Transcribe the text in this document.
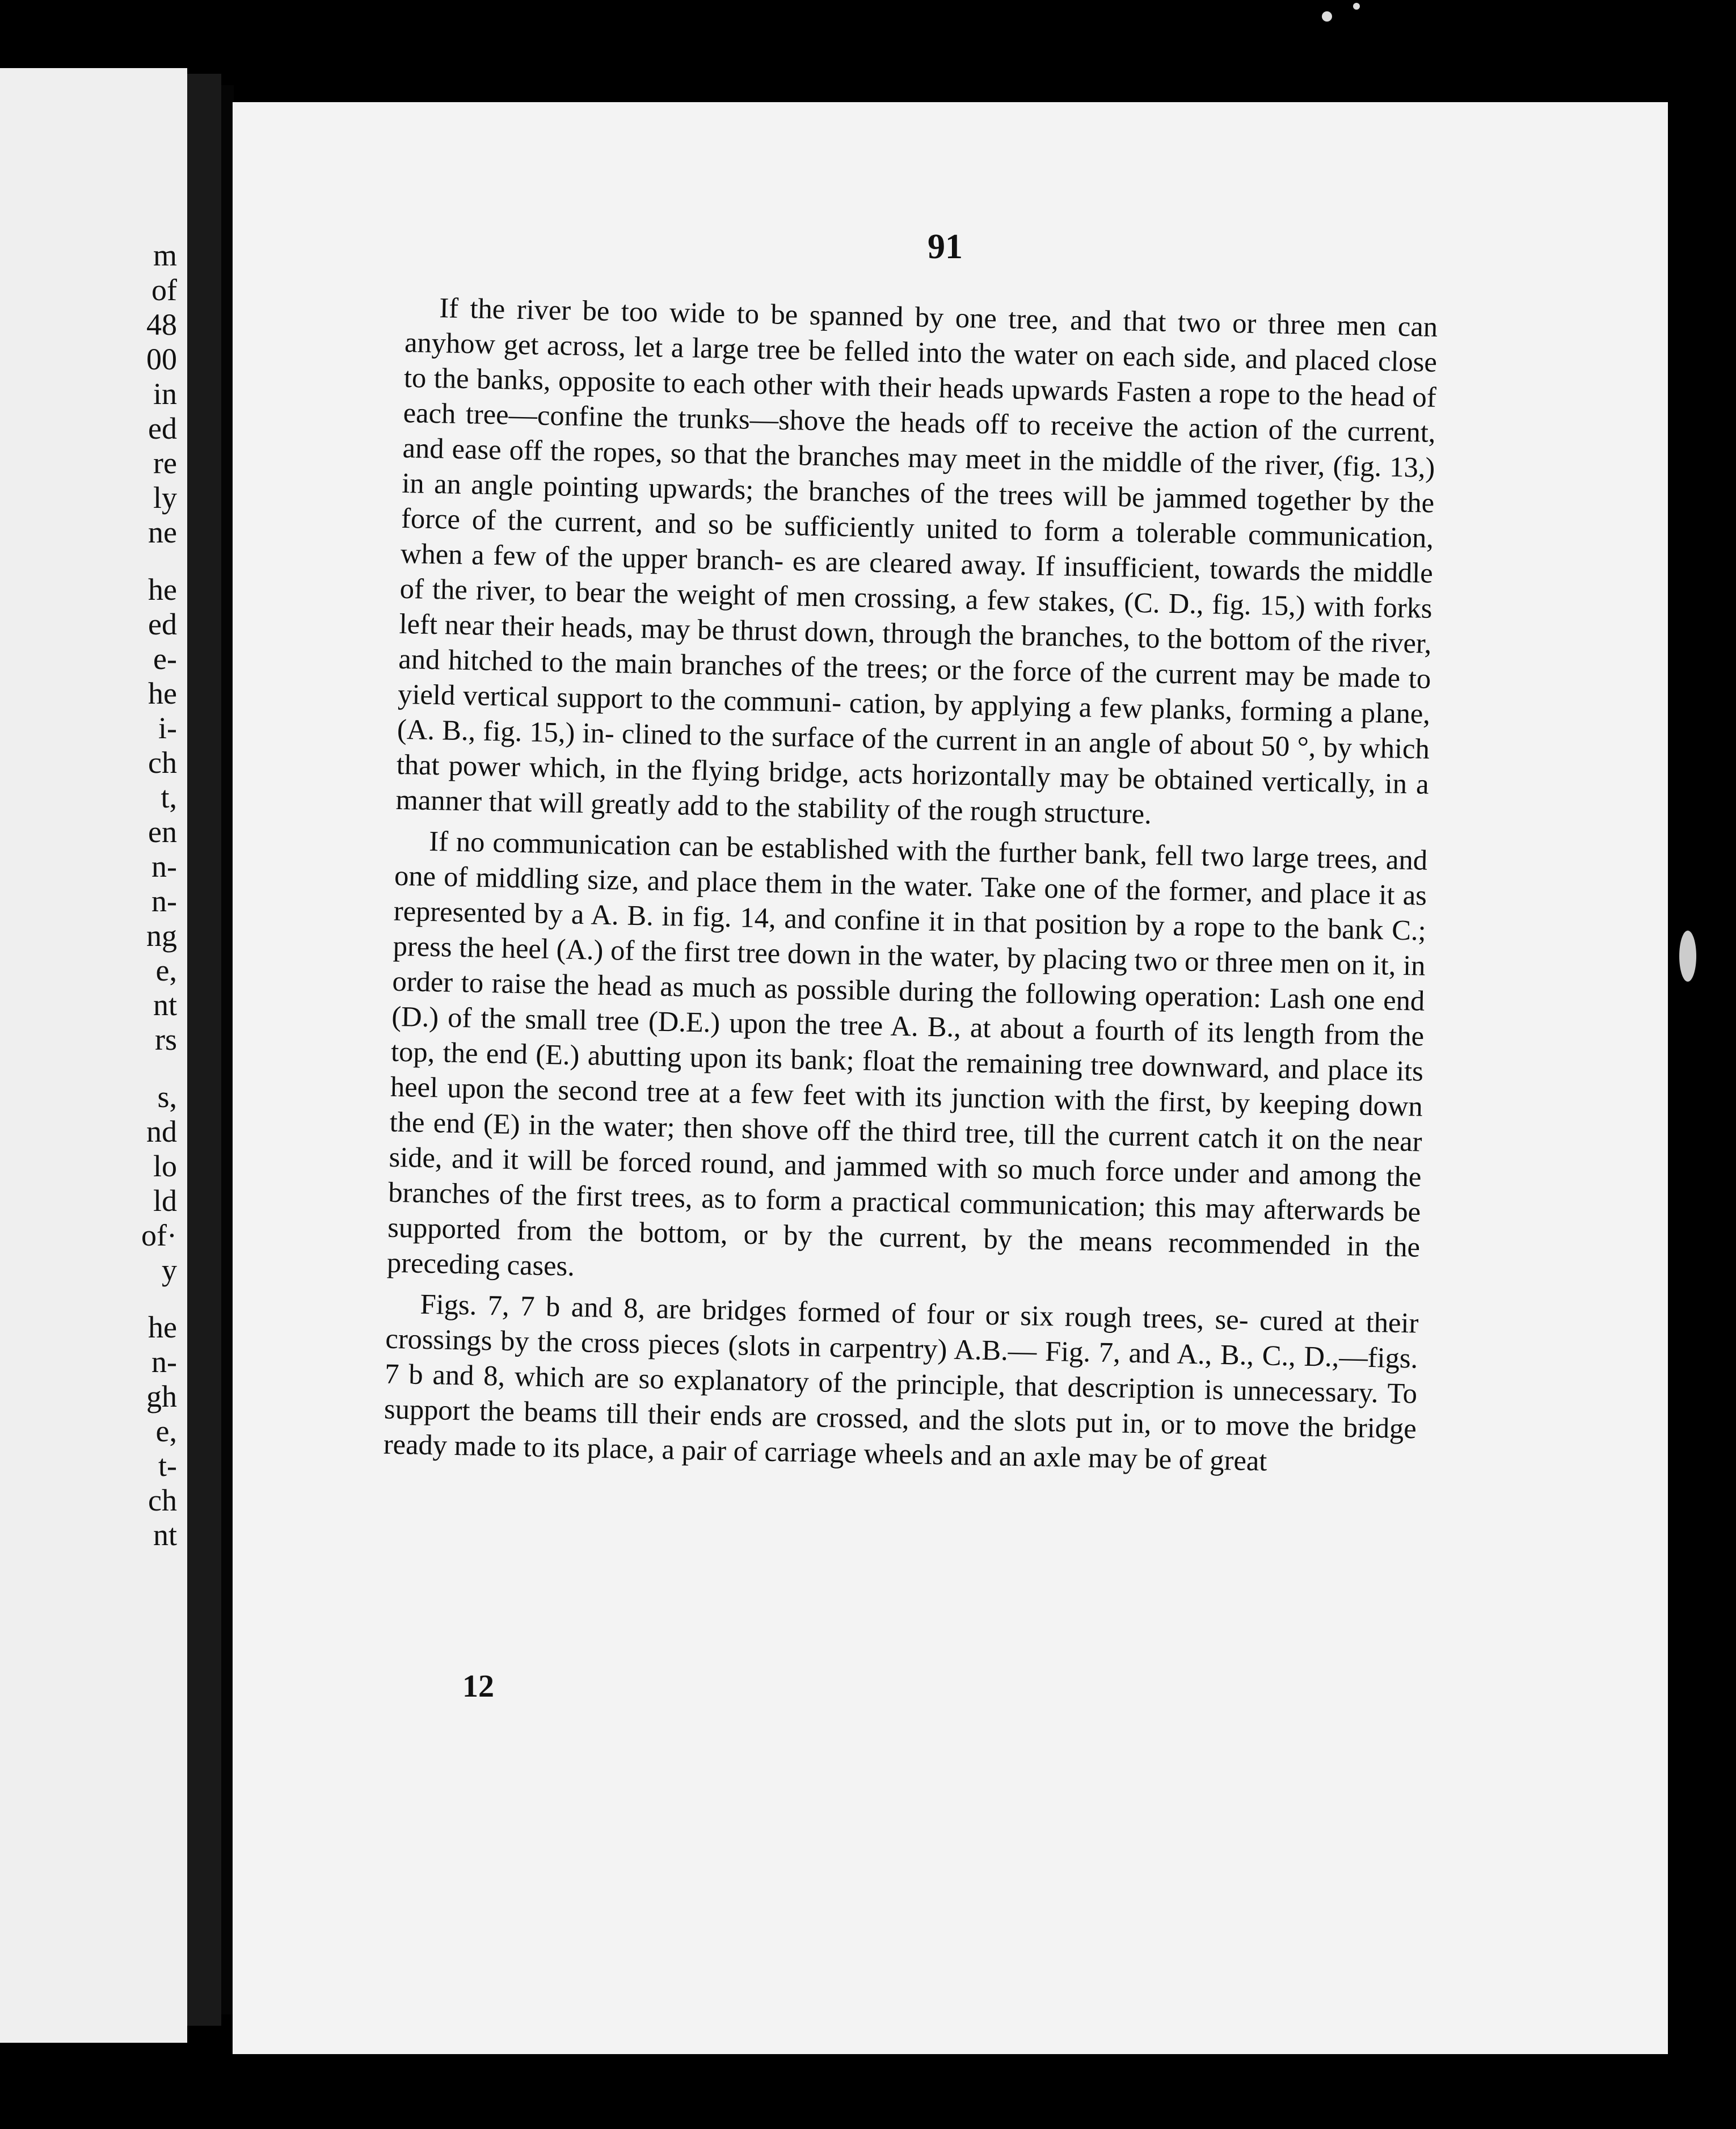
m
of
48
00
in
ed
re
ly
ne
he
ed
e-
he
i-
ch
t,
en
n-
n-
ng
e,
nt
rs
s,
nd
lo
ld
of·
y
he
n-
gh
e,
t-
ch
nt
91

If the river be too wide to be spanned by one tree, and that two or three men can anyhow get across, let a large tree be felled into the water on each side, and placed close to the banks, opposite to each other with their heads upwards Fasten a rope to the head of each tree—confine the trunks—shove the heads off to receive the action of the current, and ease off the ropes, so that the branches may meet in the middle of the river, (fig. 13,) in an angle pointing upwards; the branches of the trees will be jammed together by the force of the current, and so be sufficiently united to form a tolerable communication, when a few of the upper branch- es are cleared away. If insufficient, towards the middle of the river, to bear the weight of men crossing, a few stakes, (C. D., fig. 15,) with forks left near their heads, may be thrust down, through the branches, to the bottom of the river, and hitched to the main branches of the trees; or the force of the current may be made to yield vertical support to the communi- cation, by applying a few planks, forming a plane, (A. B., fig. 15,) in- clined to the surface of the current in an angle of about 50 °, by which that power which, in the flying bridge, acts horizontally may be obtained vertically, in a manner that will greatly add to the stability of the rough structure.

If no communication can be established with the further bank, fell two large trees, and one of middling size, and place them in the water. Take one of the former, and place it as represented by a A. B. in fig. 14, and confine it in that position by a rope to the bank C.; press the heel (A.) of the first tree down in the water, by placing two or three men on it, in order to raise the head as much as possible during the following operation: Lash one end (D.) of the small tree (D.E.) upon the tree A. B., at about a fourth of its length from the top, the end (E.) abutting upon its bank; float the remaining tree downward, and place its heel upon the second tree at a few feet with its junction with the first, by keeping down the end (E) in the water; then shove off the third tree, till the current catch it on the near side, and it will be forced round, and jammed with so much force under and among the branches of the first trees, as to form a practical communication; this may afterwards be supported from the bottom, or by the current, by the means recommended in the preceding cases.

Figs. 7, 7 b and 8, are bridges formed of four or six rough trees, se- cured at their crossings by the cross pieces (slots in carpentry) A.B.— Fig. 7, and A., B., C., D.,—figs. 7 b and 8, which are so explanatory of the principle, that description is unnecessary. To support the beams till their ends are crossed, and the slots put in, or to move the bridge ready made to its place, a pair of carriage wheels and an axle may be of great

12
